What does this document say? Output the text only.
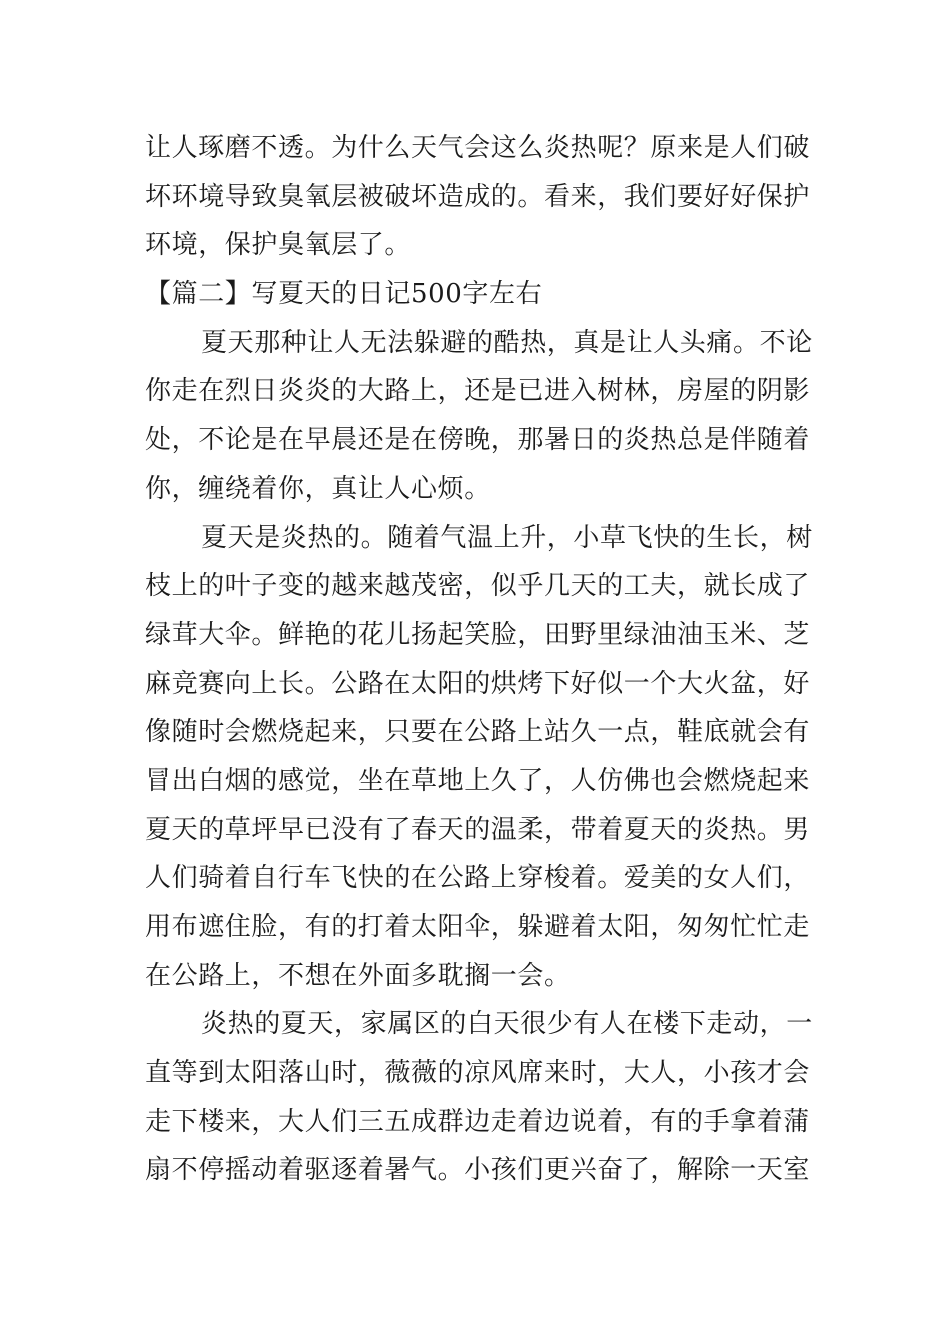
让人琢磨不透。为什么天气会这么炎热呢？原来是人们破
坏环境导致臭氧层被破坏造成的。看来，我们要好好保护
环境，保护臭氧层了。
【篇二】写夏天的日记500字左右
夏天那种让人无法躲避的酷热，真是让人头痛。不论
你走在烈日炎炎的大路上，还是已进入树林，房屋的阴影
处，不论是在早晨还是在傍晚，那暑日的炎热总是伴随着
你，缠绕着你，真让人心烦。
夏天是炎热的。随着气温上升，小草飞快的生长，树
枝上的叶子变的越来越茂密，似乎几天的工夫，就长成了
绿茸大伞。鲜艳的花儿扬起笑脸，田野里绿油油玉米、芝
麻竞赛向上长。公路在太阳的烘烤下好似一个大火盆，好
像随时会燃烧起来，只要在公路上站久一点，鞋底就会有
冒出白烟的感觉，坐在草地上久了，人仿佛也会燃烧起来
夏天的草坪早已没有了春天的温柔，带着夏天的炎热。男
人们骑着自行车飞快的在公路上穿梭着。爱美的女人们，
用布遮住脸，有的打着太阳伞，躲避着太阳，匆匆忙忙走
在公路上，不想在外面多耽搁一会。
炎热的夏天，家属区的白天很少有人在楼下走动，一
直等到太阳落山时，薇薇的凉风席来时，大人，小孩才会
走下楼来，大人们三五成群边走着边说着，有的手拿着蒲
扇不停摇动着驱逐着暑气。小孩们更兴奋了，解除一天室
